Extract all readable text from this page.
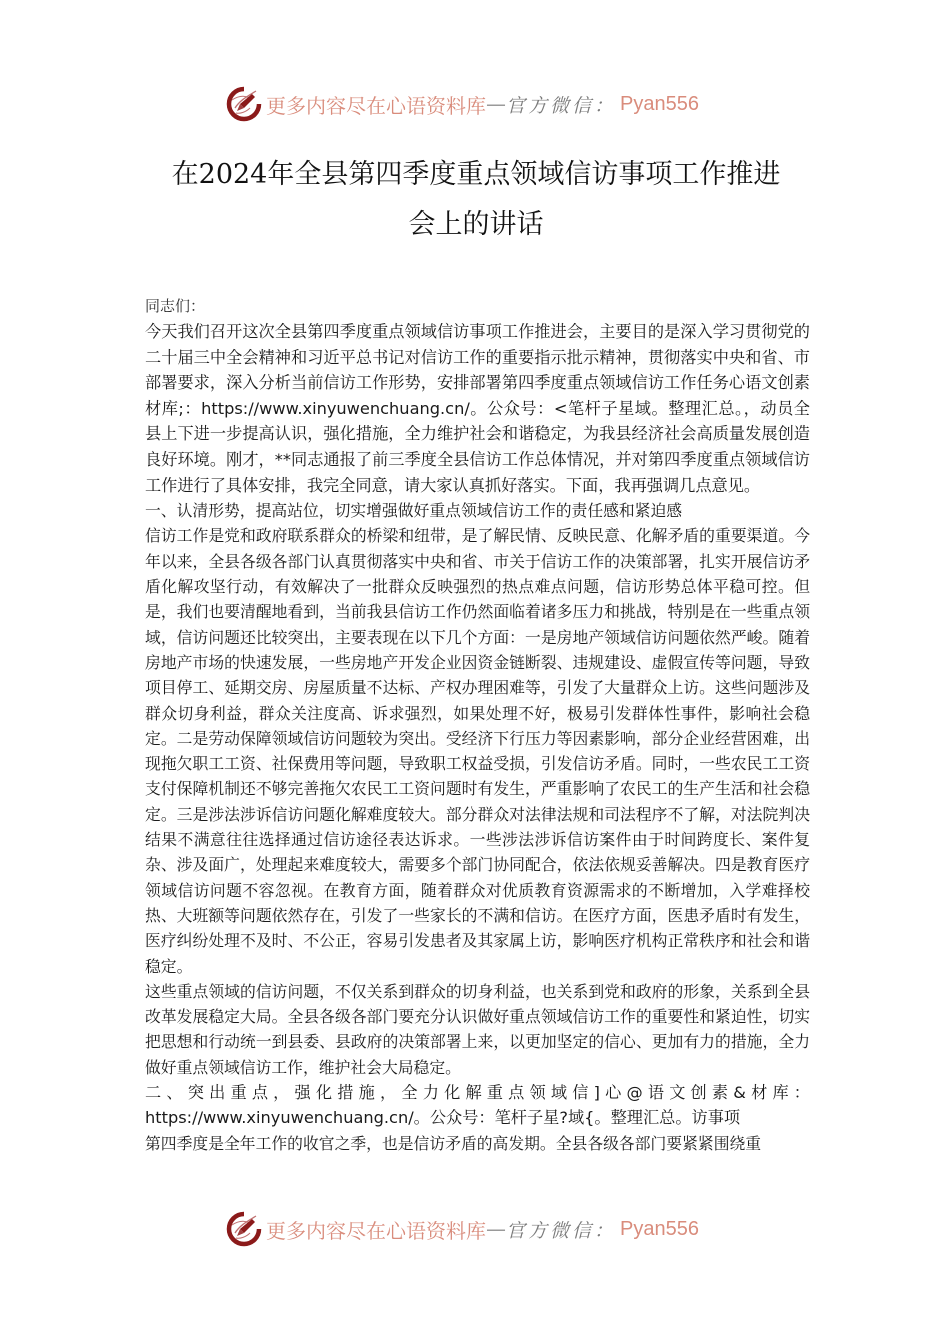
更多内容尽在心语资料库 — 官方微信： Pyan556
在2024年全县第四季度重点领域信访事项工作推进
会上的讲话

同志们：

今天我们召开这次全县第四季度重点领域信访事项工作推进会，主要目的是深入学习贯彻党的二十届三中全会精神和习近平总书记对信访工作的重要指示批示精神，贯彻落实中央和省、市部署要求，深入分析当前信访工作形势，安排部署第四季度重点领域信访工作任务心语文创素材库;：https://www.xinyuwenchuang.cn/。公众号：<笔杆子星域。整理汇总。，动员全县上下进一步提高认识，强化措施，全力维护社会和谐稳定，为我县经济社会高质量发展创造良好环境。刚才，**同志通报了前三季度全县信访工作总体情况，并对第四季度重点领域信访工作进行了具体安排，我完全同意，请大家认真抓好落实。下面，我再强调几点意见。

一、认清形势，提高站位，切实增强做好重点领域信访工作的责任感和紧迫感

信访工作是党和政府联系群众的桥梁和纽带，是了解民情、反映民意、化解矛盾的重要渠道。今年以来，全县各级各部门认真贯彻落实中央和省、市关于信访工作的决策部署，扎实开展信访矛盾化解攻坚行动，有效解决了一批群众反映强烈的热点难点问题，信访形势总体平稳可控。但是，我们也要清醒地看到，当前我县信访工作仍然面临着诸多压力和挑战，特别是在一些重点领域，信访问题还比较突出，主要表现在以下几个方面：一是房地产领域信访问题依然严峻。随着房地产市场的快速发展，一些房地产开发企业因资金链断裂、违规建设、虚假宣传等问题，导致项目停工、延期交房、房屋质量不达标、产权办理困难等，引发了大量群众上访。这些问题涉及群众切身利益，群众关注度高、诉求强烈，如果处理不好，极易引发群体性事件，影响社会稳定。二是劳动保障领域信访问题较为突出。受经济下行压力等因素影响，部分企业经营困难，出现拖欠职工工资、社保费用等问题，导致职工权益受损，引发信访矛盾。同时，一些农民工工资支付保障机制还不够完善拖欠农民工工资问题时有发生，严重影响了农民工的生产生活和社会稳定。三是涉法涉诉信访问题化解难度较大。部分群众对法律法规和司法程序不了解，对法院判决结果不满意往往选择通过信访途径表达诉求。一些涉法涉诉信访案件由于时间跨度长、案件复杂、涉及面广，处理起来难度较大，需要多个部门协同配合，依法依规妥善解决。四是教育医疗领域信访问题不容忽视。在教育方面，随着群众对优质教育资源需求的不断增加，入学难择校热、大班额等问题依然存在，引发了一些家长的不满和信访。在医疗方面，医患矛盾时有发生，医疗纠纷处理不及时、不公正，容易引发患者及其家属上访，影响医疗机构正常秩序和社会和谐稳定。

这些重点领域的信访问题，不仅关系到群众的切身利益，也关系到党和政府的形象，关系到全县改革发展稳定大局。全县各级各部门要充分认识做好重点领域信访工作的重要性和紧迫性，切实把思想和行动统一到县委、县政府的决策部署上来，以更加坚定的信心、更加有力的措施，全力做好重点领域信访工作，维护社会大局稳定。

二、突出重点，强化措施，全力化解重点领域信]心@语文创素&材库：https://www.xinyuwenchuang.cn/。公众号：笔杆子星?域{。整理汇总。访事项

第四季度是全年工作的收官之季，也是信访矛盾的高发期。全县各级各部门要紧紧围绕重

更多内容尽在心语资料库 — 官方微信： Pyan556
